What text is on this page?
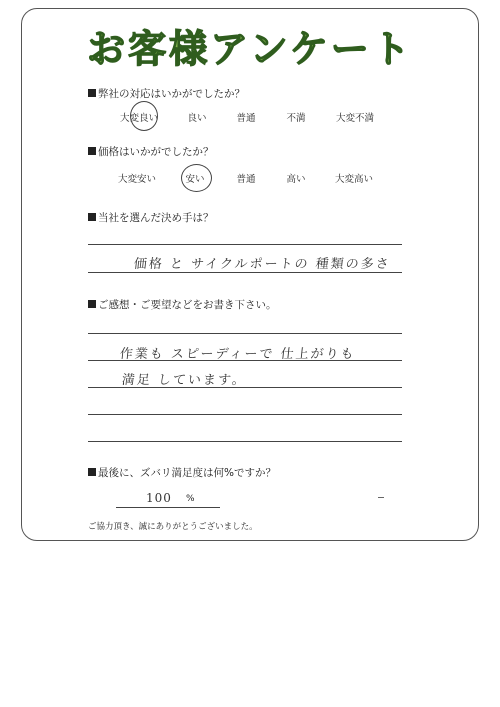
お客様アンケート
弊社の対応はいかがでしたか？
大変良い	良い	普通	不満	大変不満
価格はいかがでしたか？
大変安い	安い	普通	高い	大変高い
当社を選んだ決め手は？
価格 と サイクルポートの 種類の多さ
ご感想・ご要望などをお書き下さい。
作業も スピーディーで 仕上がりも
満足 しています。
最後に、ズバリ満足度は何%ですか？
100 %
ご協力頂き、誠にありがとうございました。
